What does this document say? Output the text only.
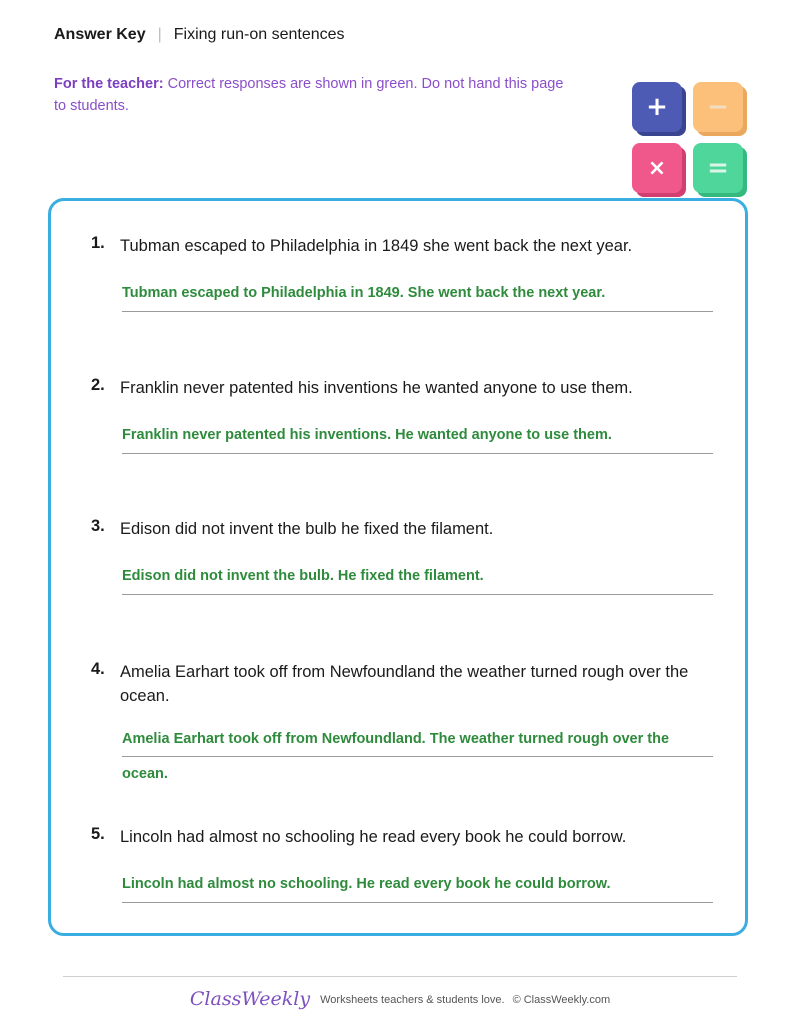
Answer Key | Fixing run-on sentences
For the teacher: Correct responses are shown in green. Do not hand this page to students.	+	−
×	=
1. Tubman escaped to Philadelphia in 1849 she went back the next year.
Tubman escaped to Philadelphia in 1849. She went back the next year.
2. Franklin never patented his inventions he wanted anyone to use them.
Franklin never patented his inventions. He wanted anyone to use them.
3. Edison did not invent the bulb he fixed the filament.
Edison did not invent the bulb. He fixed the filament.
4. Amelia Earhart took off from Newfoundland the weather turned rough over the ocean.
Amelia Earhart took off from Newfoundland. The weather turned rough over the
ocean.
5. Lincoln had almost no schooling he read every book he could borrow.
Lincoln had almost no schooling. He read every book he could borrow.
ClassWeekly Worksheets teachers & students love. © ClassWeekly.com
